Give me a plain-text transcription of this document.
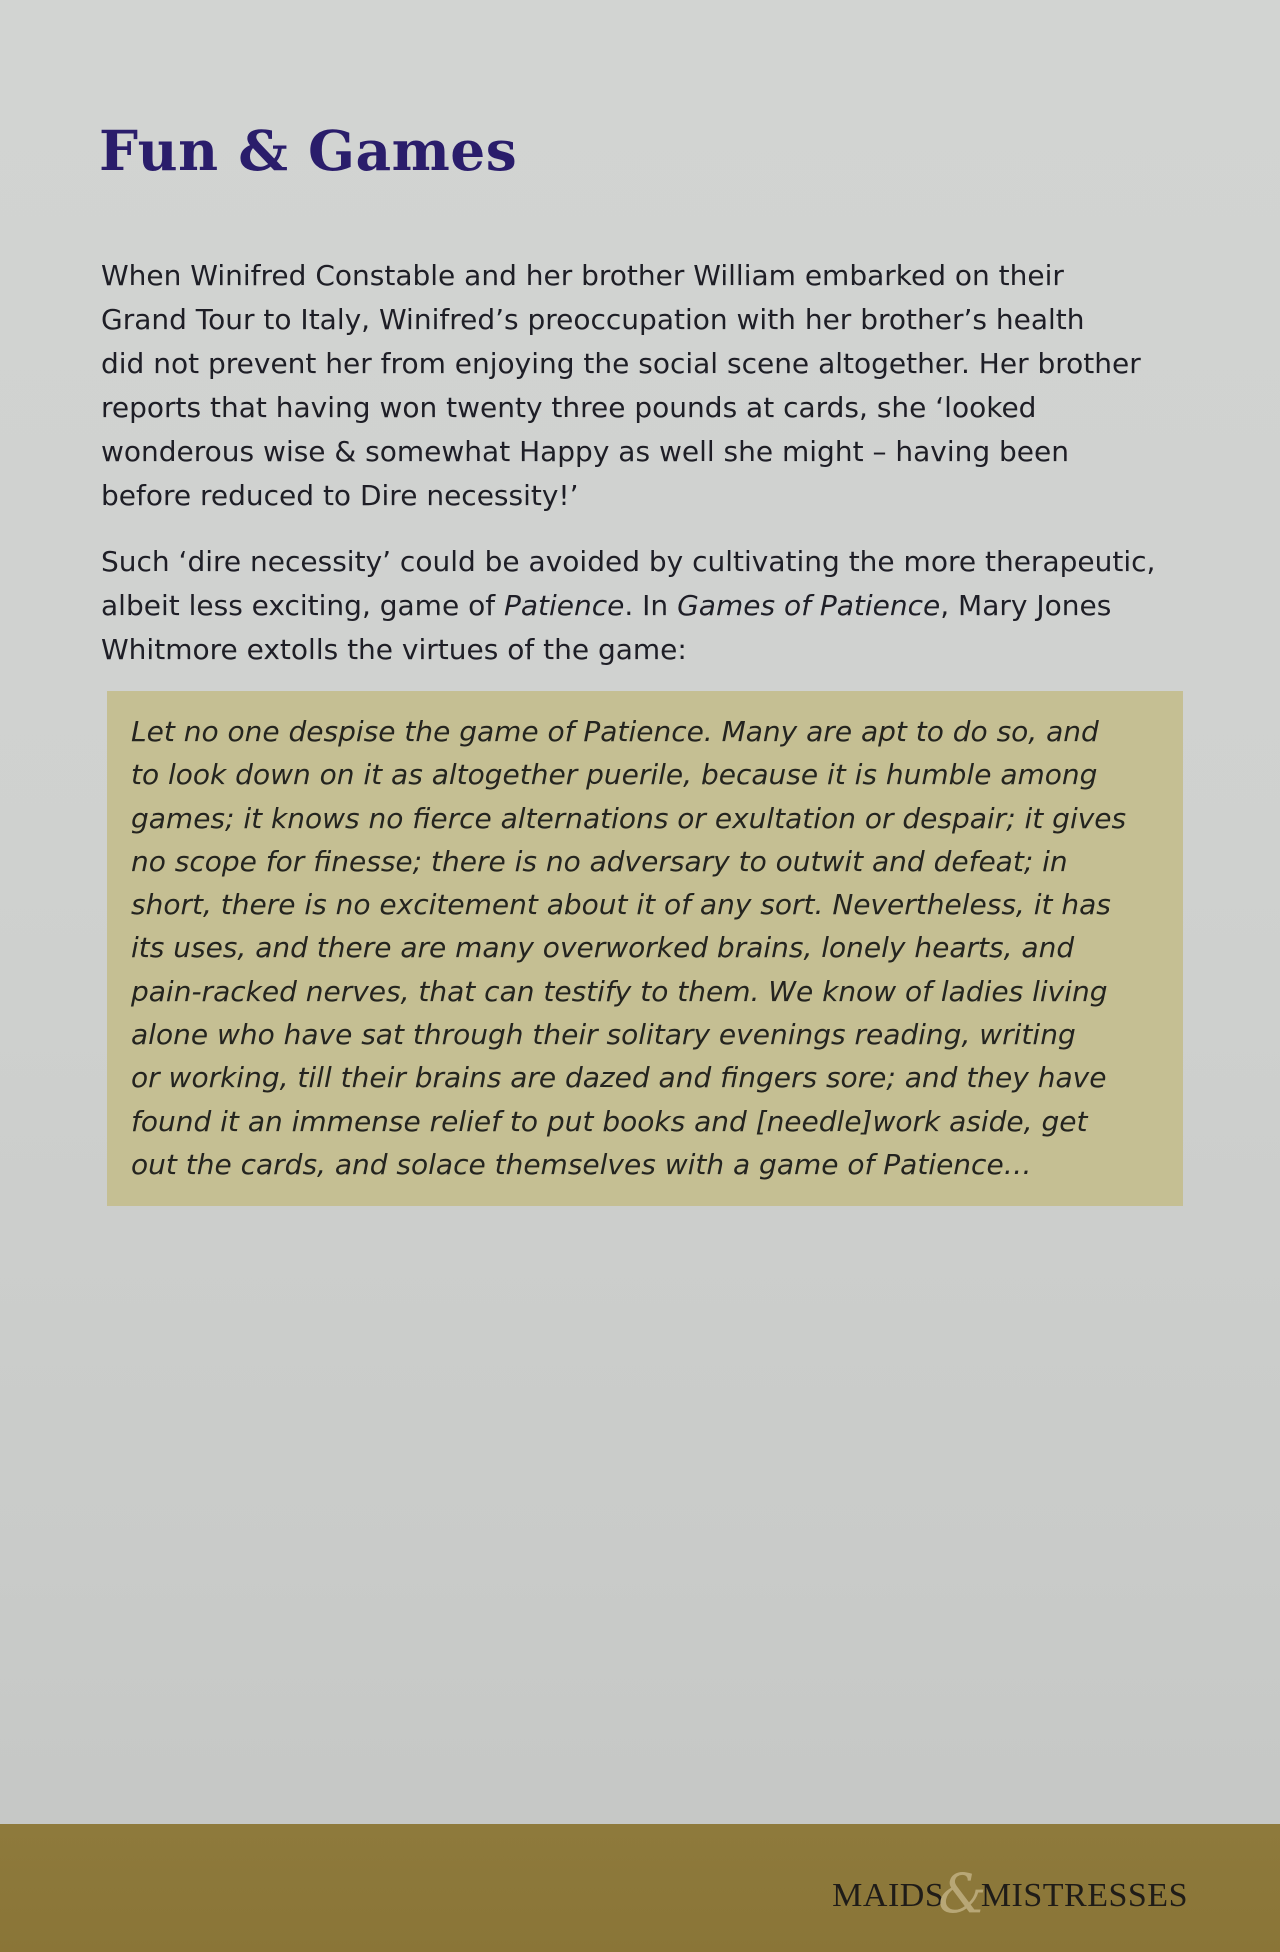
Fun & Games

When Winifred Constable and her brother William embarked on their
Grand Tour to Italy, Winifred’s preoccupation with her brother’s health
did not prevent her from enjoying the social scene altogether. Her brother
reports that having won twenty three pounds at cards, she ‘looked
wonderous wise & somewhat Happy as well she might – having been
before reduced to Dire necessity!’

Such ‘dire necessity’ could be avoided by cultivating the more therapeutic,
albeit less exciting, game of Patience. In Games of Patience, Mary Jones
Whitmore extolls the virtues of the game:

Let no one despise the game of Patience. Many are apt to do so, and
to look down on it as altogether puerile, because it is humble among
games; it knows no fierce alternations or exultation or despair; it gives
no scope for finesse; there is no adversary to outwit and defeat; in
short, there is no excitement about it of any sort. Nevertheless, it has
its uses, and there are many overworked brains, lonely hearts, and
pain-racked nerves, that can testify to them. We know of ladies living
alone who have sat through their solitary evenings reading, writing
or working, till their brains are dazed and fingers sore; and they have
found it an immense relief to put books and [needle]work aside, get
out the cards, and solace themselves with a game of Patience…

MAIDS&MISTRESSES
